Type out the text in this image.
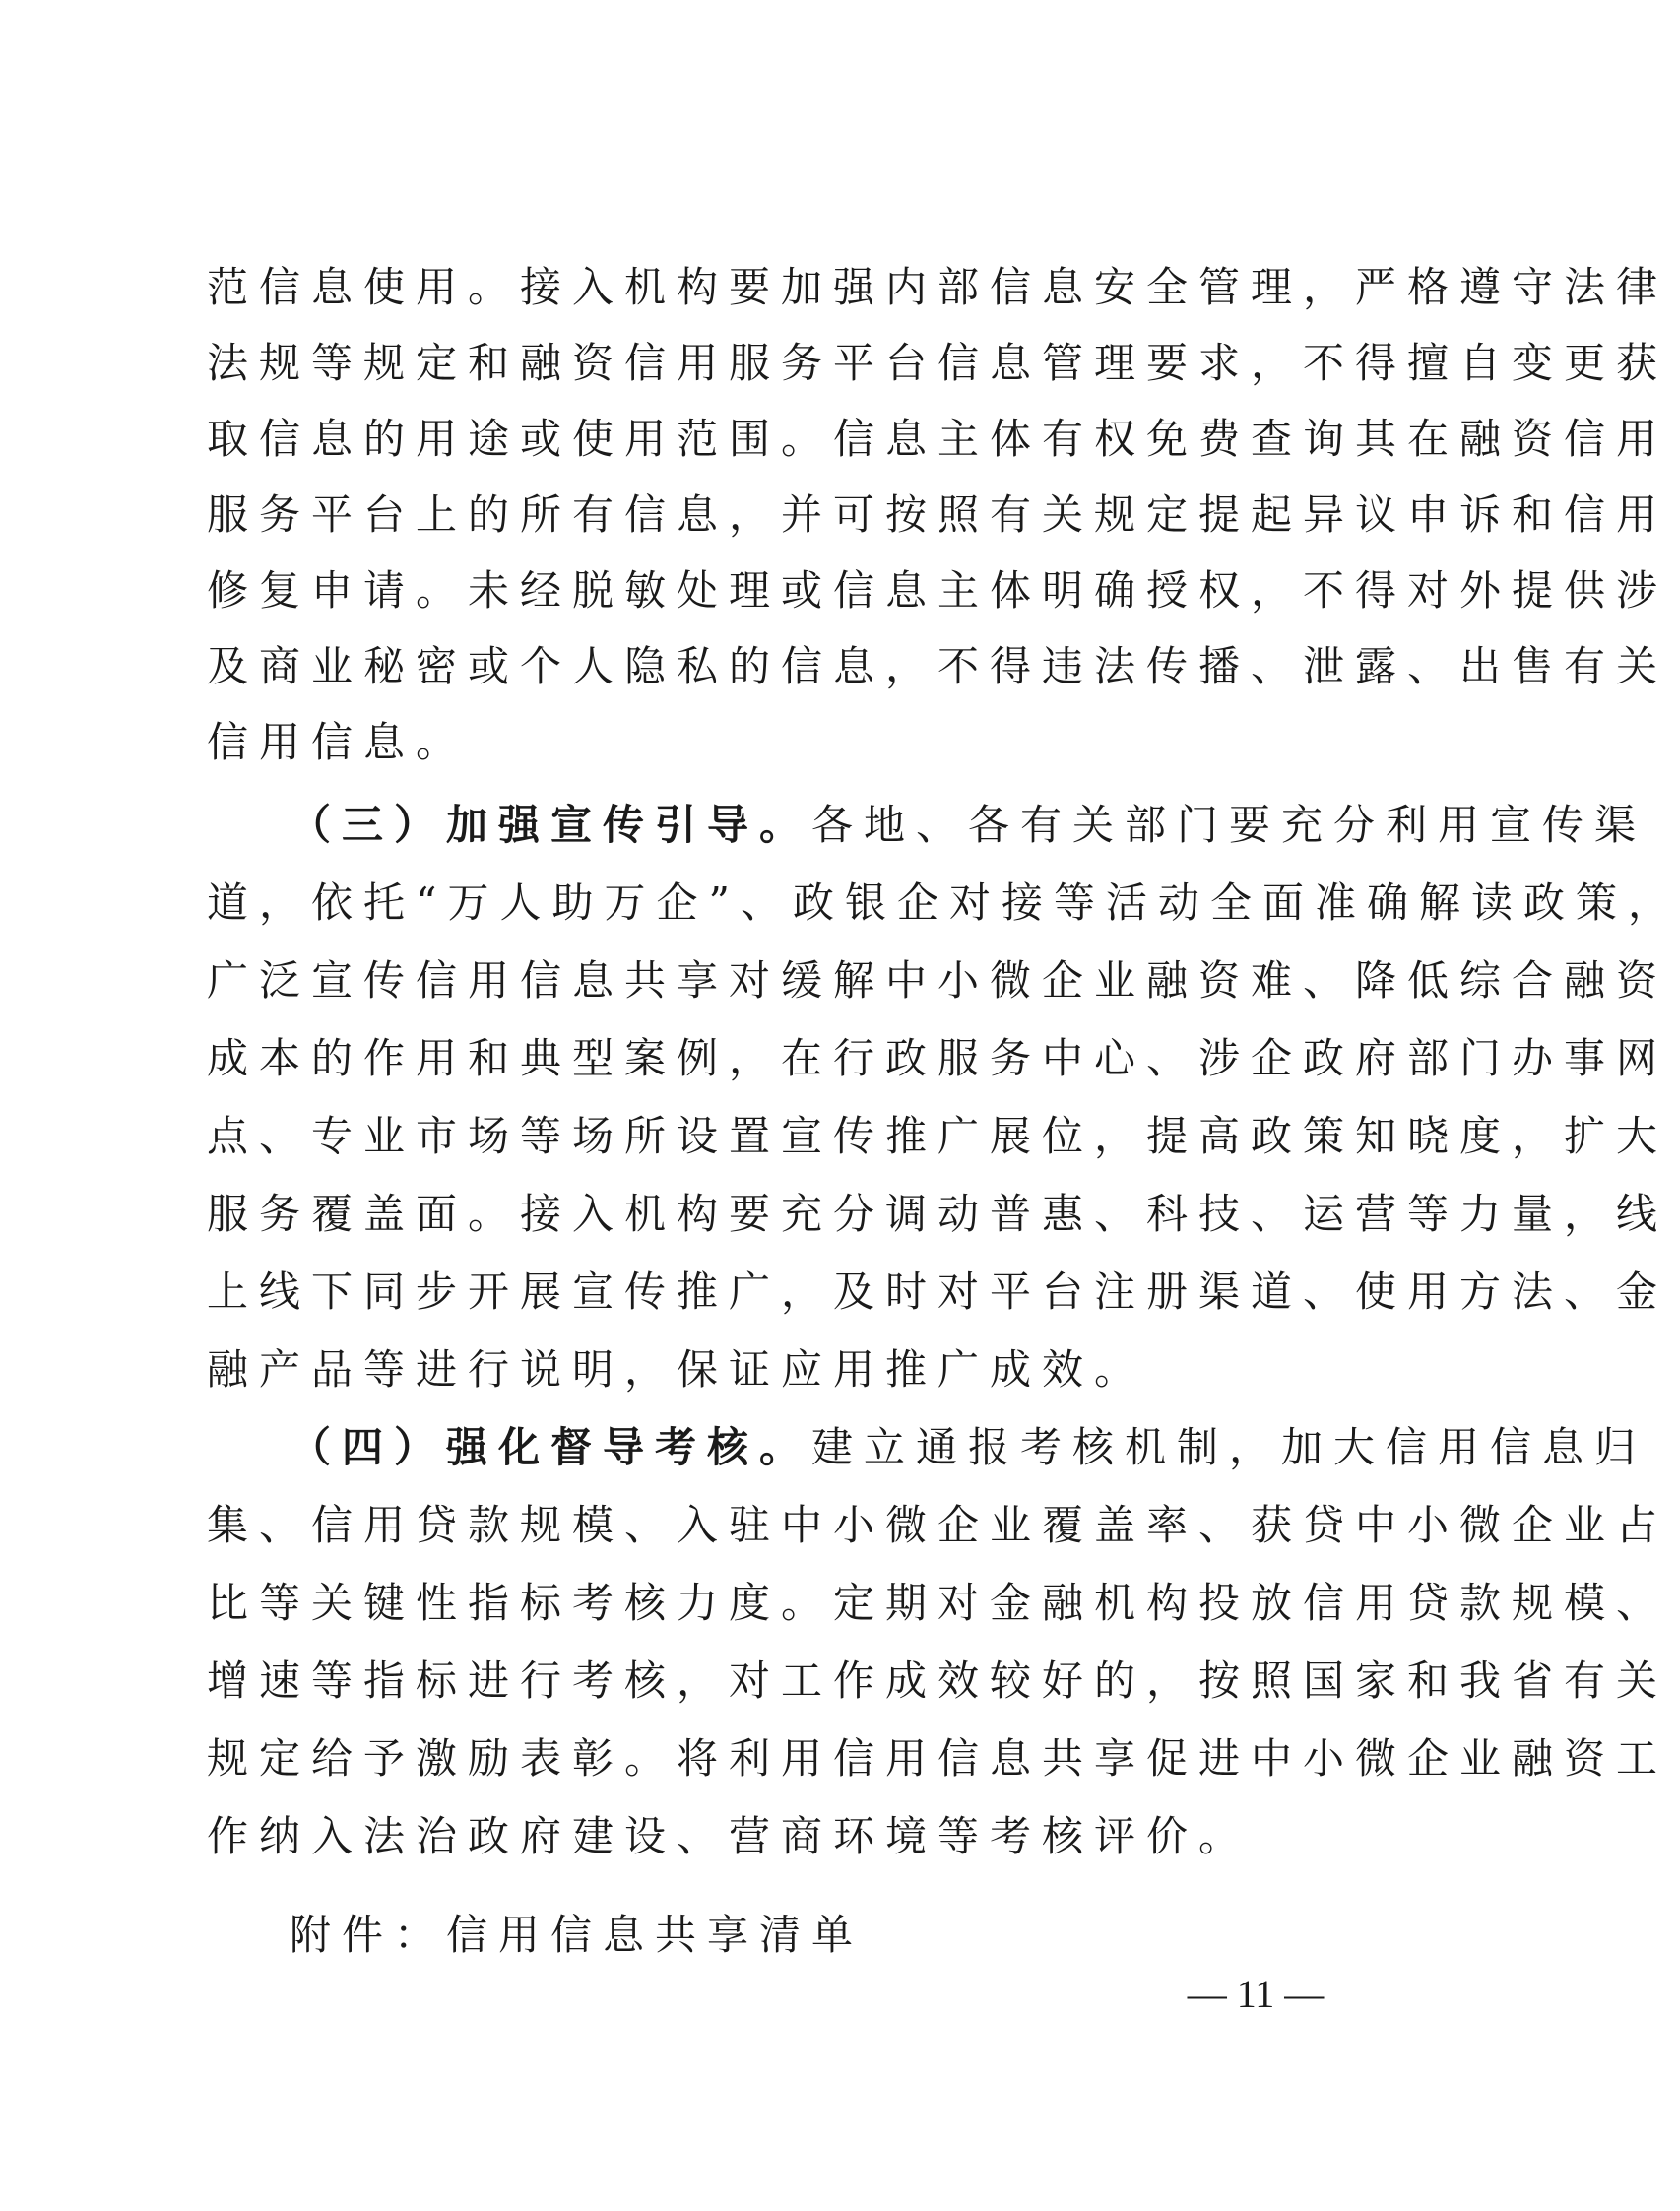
范信息使用。接入机构要加强内部信息安全管理，严格遵守法律
法规等规定和融资信用服务平台信息管理要求，不得擅自变更获
取信息的用途或使用范围。信息主体有权免费查询其在融资信用
服务平台上的所有信息，并可按照有关规定提起异议申诉和信用
修复申请。未经脱敏处理或信息主体明确授权，不得对外提供涉
及商业秘密或个人隐私的信息，不得违法传播、泄露、出售有关
信用信息。
（三）加强宣传引导。各地、各有关部门要充分利用宣传渠
道，依托“万人助万企”、政银企对接等活动全面准确解读政策，
广泛宣传信用信息共享对缓解中小微企业融资难、降低综合融资
成本的作用和典型案例，在行政服务中心、涉企政府部门办事网
点、专业市场等场所设置宣传推广展位，提高政策知晓度，扩大
服务覆盖面。接入机构要充分调动普惠、科技、运营等力量，线
上线下同步开展宣传推广，及时对平台注册渠道、使用方法、金
融产品等进行说明，保证应用推广成效。
（四）强化督导考核。建立通报考核机制，加大信用信息归
集、信用贷款规模、入驻中小微企业覆盖率、获贷中小微企业占
比等关键性指标考核力度。定期对金融机构投放信用贷款规模、
增速等指标进行考核，对工作成效较好的，按照国家和我省有关
规定给予激励表彰。将利用信用信息共享促进中小微企业融资工
作纳入法治政府建设、营商环境等考核评价。
附件：信用信息共享清单
— 11 —
